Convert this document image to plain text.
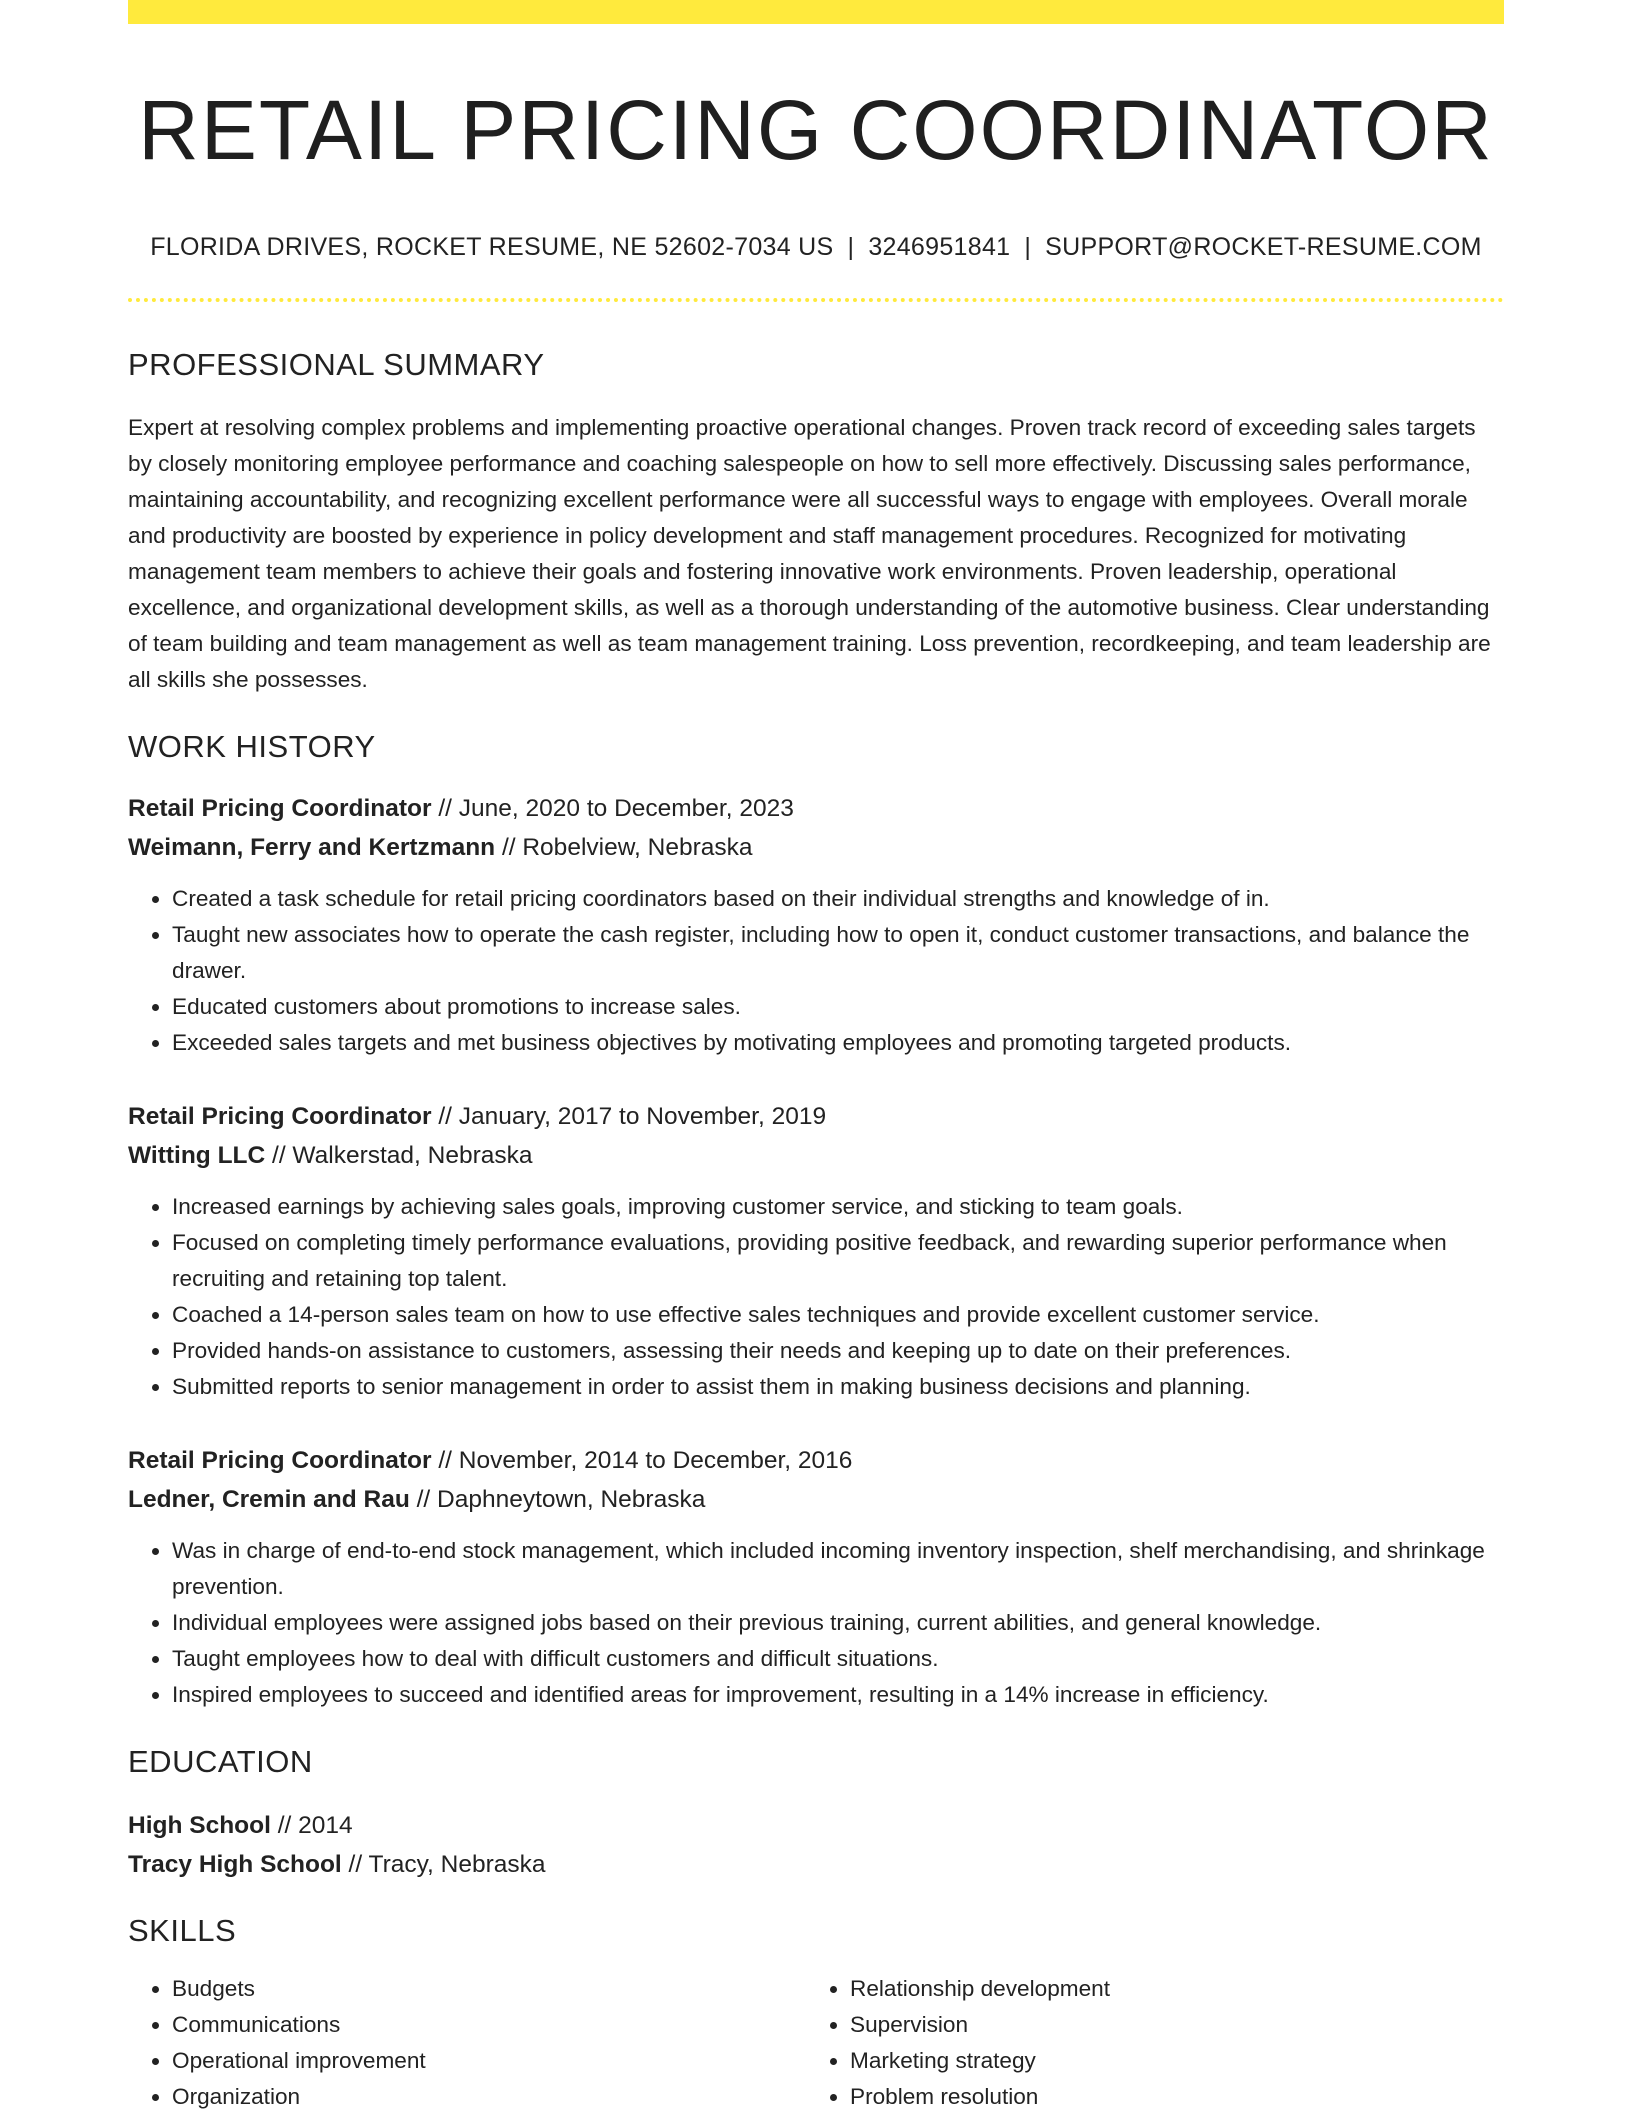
RETAIL PRICING COORDINATOR
FLORIDA DRIVES, ROCKET RESUME, NE 52602-7034 US | 3246951841 | SUPPORT@ROCKET-RESUME.COM
PROFESSIONAL SUMMARY
Expert at resolving complex problems and implementing proactive operational changes. Proven track record of exceeding sales targets by closely monitoring employee performance and coaching salespeople on how to sell more effectively. Discussing sales performance, maintaining accountability, and recognizing excellent performance were all successful ways to engage with employees. Overall morale and productivity are boosted by experience in policy development and staff management procedures. Recognized for motivating management team members to achieve their goals and fostering innovative work environments. Proven leadership, operational excellence, and organizational development skills, as well as a thorough understanding of the automotive business. Clear understanding of team building and team management as well as team management training. Loss prevention, recordkeeping, and team leadership are all skills she possesses.
WORK HISTORY
Retail Pricing Coordinator // June, 2020 to December, 2023
Weimann, Ferry and Kertzmann // Robelview, Nebraska
• Created a task schedule for retail pricing coordinators based on their individual strengths and knowledge of in.
• Taught new associates how to operate the cash register, including how to open it, conduct customer transactions, and balance the drawer.
• Educated customers about promotions to increase sales.
• Exceeded sales targets and met business objectives by motivating employees and promoting targeted products.
Retail Pricing Coordinator // January, 2017 to November, 2019
Witting LLC // Walkerstad, Nebraska
• Increased earnings by achieving sales goals, improving customer service, and sticking to team goals.
• Focused on completing timely performance evaluations, providing positive feedback, and rewarding superior performance when recruiting and retaining top talent.
• Coached a 14-person sales team on how to use effective sales techniques and provide excellent customer service.
• Provided hands-on assistance to customers, assessing their needs and keeping up to date on their preferences.
• Submitted reports to senior management in order to assist them in making business decisions and planning.
Retail Pricing Coordinator // November, 2014 to December, 2016
Ledner, Cremin and Rau // Daphneytown, Nebraska
• Was in charge of end-to-end stock management, which included incoming inventory inspection, shelf merchandising, and shrinkage prevention.
• Individual employees were assigned jobs based on their previous training, current abilities, and general knowledge.
• Taught employees how to deal with difficult customers and difficult situations.
• Inspired employees to succeed and identified areas for improvement, resulting in a 14% increase in efficiency.
EDUCATION
High School // 2014
Tracy High School // Tracy, Nebraska
SKILLS
• Budgets
• Communications
• Operational improvement
• Organization
• Relationship development
• Supervision
• Marketing strategy
• Problem resolution
